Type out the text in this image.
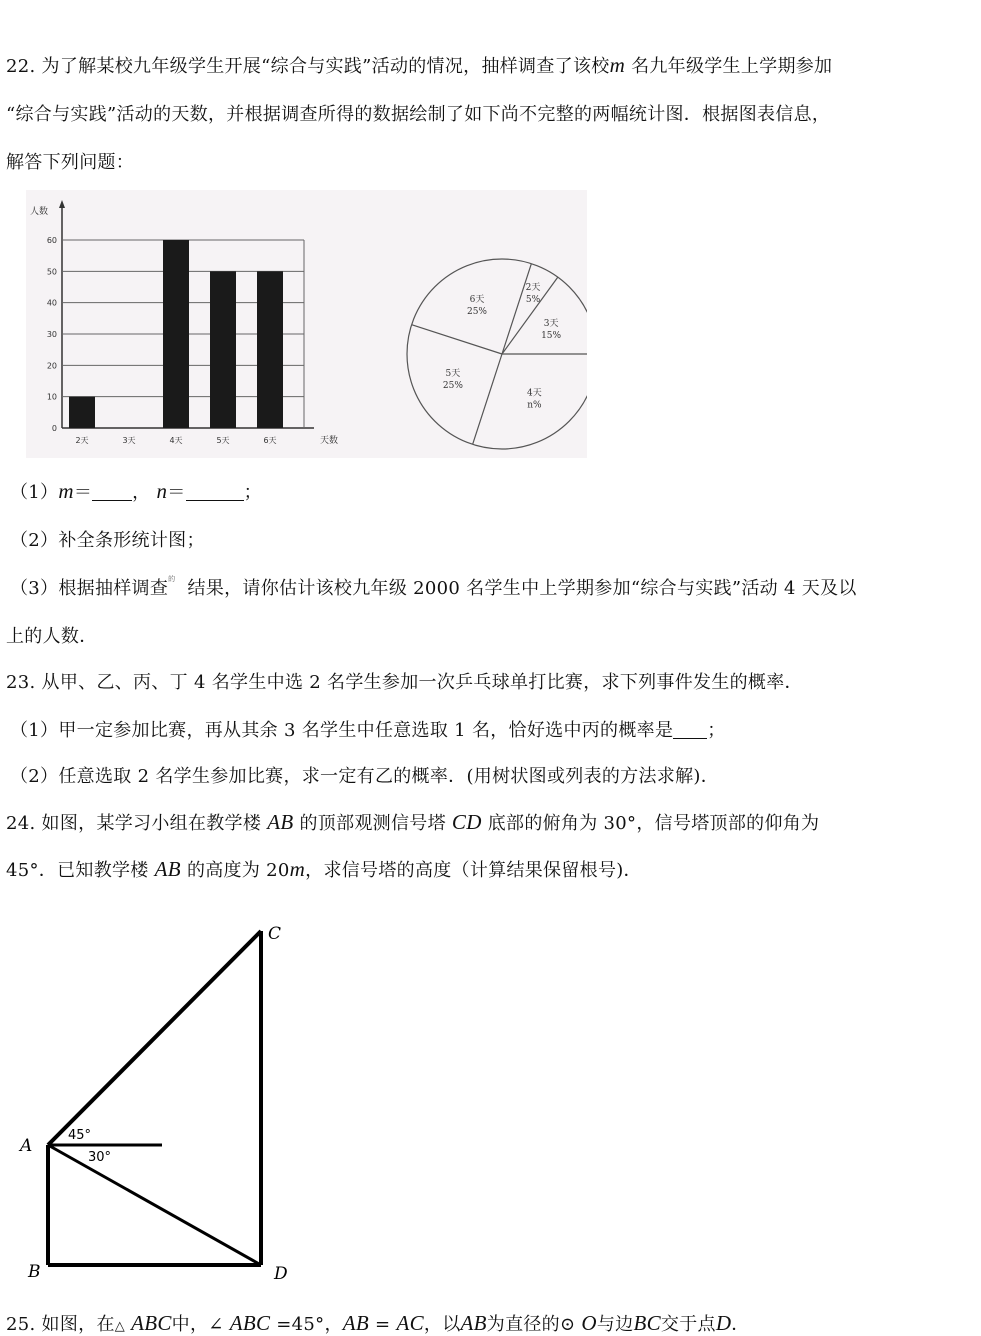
22. 为了解某校九年级学生开展“综合与实践”活动的情况，抽样调查了该校m 名九年级学生上学期参加
“综合与实践”活动的天数，并根据调查所得的数据绘制了如下尚不完整的两幅统计图．根据图表信息，
解答下列问题：
0
10
20
30
40
50
60
人数
天数
2天	3天	4天	5天	6天
2天
5%
3天
15%
4天
n%
5天
25%
6天
25%
（1）m＝ ， n＝	；
（2）补全条形统计图；
（3）根据抽样调查$^的$ 结果，请你估计该校九年级 2000 名学生中上学期参加“综合与实践”活动 4 天及以
上的人数．
23. 从甲、乙、丙、丁 4 名学生中选 2 名学生参加一次乒乓球单打比赛，求下列事件发生的概率．
（1）甲一定参加比赛，再从其余 3 名学生中任意选取 1 名，恰好选中丙的概率是 ；
（2）任意选取 2 名学生参加比赛，求一定有乙的概率．(用树状图或列表的方法求解)．
24. 如图，某学习小组在教学楼 AB 的顶部观测信号塔 CD 底部的俯角为 30°，信号塔顶部的仰角为
45°．已知教学楼 AB 的高度为 20m，求信号塔的高度（计算结果保留根号)．
C
A
B	D
45°
30°
25. 如图，在△ ABC中，∠ ABC =45°，AB = AC，以AB为直径的⊙ O与边BC交于点D．
